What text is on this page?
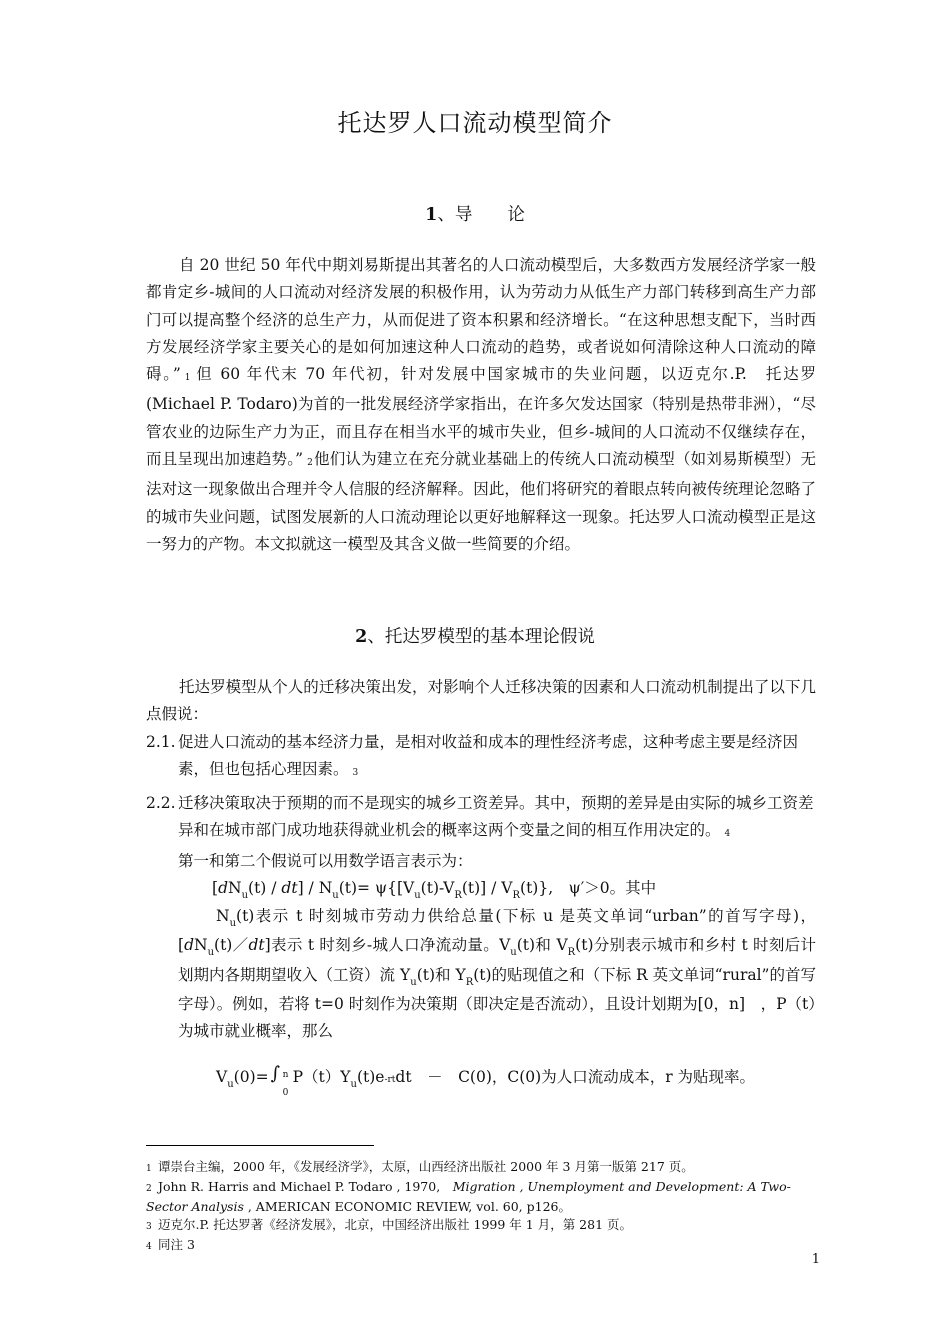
托达罗人口流动模型简介
1、导　　论
自 20 世纪 50 年代中期刘易斯提出其著名的人口流动模型后，大多数西方发展经济学家一般都肯定乡-城间的人口流动对经济发展的积极作用，认为劳动力从低生产力部门转移到高生产力部门可以提高整个经济的总生产力，从而促进了资本积累和经济增长。“在这种思想支配下，当时西方发展经济学家主要关心的是如何加速这种人口流动的趋势，或者说如何清除这种人口流动的障碍。” $^1$ 但 60 年代末 70 年代初，针对发展中国家城市的失业问题，以迈克尔.P.　托达罗(Michael P. Todaro)为首的一批发展经济学家指出，在许多欠发达国家（特别是热带非洲），“尽管农业的边际生产力为正，而且存在相当水平的城市失业，但乡-城间的人口流动不仅继续存在，而且呈现出加速趋势。” $^2$他们认为建立在充分就业基础上的传统人口流动模型（如刘易斯模型）无法对这一现象做出合理并令人信服的经济解释。因此，他们将研究的着眼点转向被传统理论忽略了的城市失业问题，试图发展新的人口流动理论以更好地解释这一现象。托达罗人口流动模型正是这一努力的产物。本文拟就这一模型及其含义做一些简要的介绍。
2、托达罗模型的基本理论假说
托达罗模型从个人的迁移决策出发，对影响个人迁移决策的因素和人口流动机制提出了以下几点假说：
2.1. 促进人口流动的基本经济力量，是相对收益和成本的理性经济考虑，这种考虑主要是经济因素，但也包括心理因素。 $^3$
2.2. 迁移决策取决于预期的而不是现实的城乡工资差异。其中，预期的差异是由实际的城乡工资差异和在城市部门成功地获得就业机会的概率这两个变量之间的相互作用决定的。 $^4$
第一和第二个假说可以用数学语言表示为：
$[dN_u(t) / dt] / N_u(t)= \psi\{[V_u(t)-V_R(t)] / V_R(t)\}$,　ψ′＞0。其中
$N_u(t)$表示 t 时刻城市劳动力供给总量(下标 u 是英文单词“urban”的首写字母)，$[dN_u(t)/dt]$表示 t 时刻乡-城人口净流动量。$V_u(t)$和 $V_R(t)$分别表示城市和乡村 t 时刻后计划期内各期期望收入（工资）流 $Y_u(t)$和 $Y_R(t)$的贴现值之和（下标 R 英文单词“rural”的首写字母）。例如，若将 t=0 时刻作为决策期（即决定是否流动），且设计划期为[0，n]　，P（t）为城市就业概率，那么
$V_u(0)=$ ∫ n
0
$P(t)Y_u(t)e$-rtdt　－　C(0)，C(0)为人口流动成本，r 为贴现率。
1 谭崇台主编，2000 年，《发展经济学》，太原，山西经济出版社 2000 年 3 月第一版第 217 页。
2 John R. Harris and Michael P. Todaro , 1970,　Migration , Unemployment and Development: A Two-Sector Analysis , AMERICAN ECONOMIC REVIEW, vol. 60, p126。
3 迈克尔.P. 托达罗著《经济发展》，北京，中国经济出版社 1999 年 1 月，第 281 页。
4 同注 3
1
